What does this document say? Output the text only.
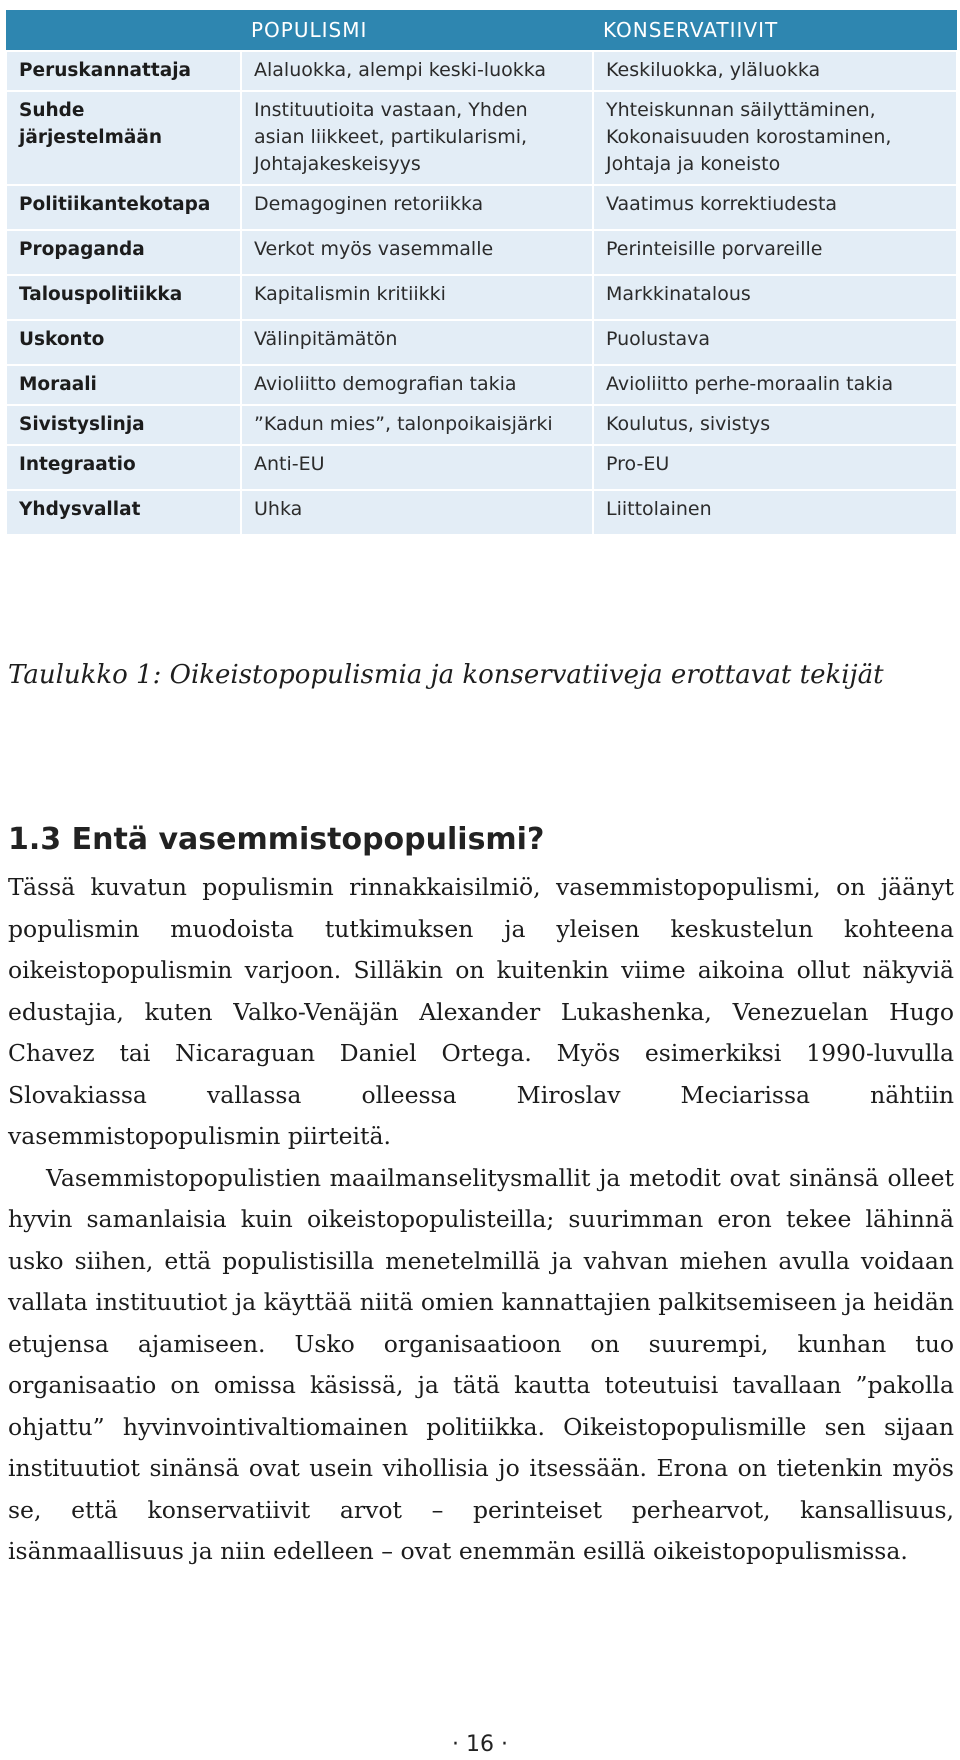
	POPULISMI	KONSERVATIIVIT
Peruskannattaja	Alaluokka, alempi keski-luokka	Keskiluokka, yläluokka
Suhde järjestelmään	Instituutioita vastaan, Yhden asian liikkeet, partikularismi, Johtajakeskeisyys	Yhteiskunnan säilyttäminen, Kokonaisuuden korostaminen, Johtaja ja koneisto
Politiikantekotapa	Demagoginen retoriikka	Vaatimus korrektiudesta
Propaganda	Verkot myös vasemmalle	Perinteisille porvareille
Talouspolitiikka	Kapitalismin kritiikki	Markkinatalous
Uskonto	Välinpitämätön	Puolustava
Moraali	Avioliitto demografian takia	Avioliitto perhe-moraalin takia
Sivistyslinja	”Kadun mies”, talonpoikaisjärki	Koulutus, sivistys
Integraatio	Anti-EU	Pro-EU
Yhdysvallat	Uhka	Liittolainen

Taulukko 1: Oikeistopopulismia ja konservatiiveja erottavat tekijät

1.3 Entä vasemmistopopulismi?

Tässä kuvatun populismin rinnakkaisilmiö, vasemmistopopulismi, on jäänyt populismin muodoista tutkimuksen ja yleisen keskustelun kohteena oikeistopopulismin varjoon. Silläkin on kuitenkin viime aikoina ollut näkyviä edustajia, kuten Valko-Venäjän Alexander Lukashenka, Venezuelan Hugo Chavez tai Nicaraguan Daniel Ortega. Myös esimerkiksi 1990-luvulla Slovakiassa vallassa olleessa Miroslav Meciarissa nähtiin vasemmistopopulismin piirteitä.

Vasemmistopopulistien maailmanselitysmallit ja metodit ovat sinänsä olleet hyvin samanlaisia kuin oikeistopopulisteilla; suurimman eron tekee lähinnä usko siihen, että populistisilla menetelmillä ja vahvan miehen avulla voidaan vallata instituutiot ja käyttää niitä omien kannattajien palkitsemiseen ja heidän etujensa ajamiseen. Usko organisaatioon on suurempi, kunhan tuo organisaatio on omissa käsissä, ja tätä kautta toteutuisi tavallaan ”pakolla ohjattu” hyvinvointivaltiomainen politiikka. Oikeistopopulismille sen sijaan instituutiot sinänsä ovat usein vihollisia jo itsessään. Erona on tietenkin myös se, että konservatiivit arvot – perinteiset perhearvot, kansallisuus, isänmaallisuus ja niin edelleen – ovat enemmän esillä oikeistopopulismissa.

· 16 ·
